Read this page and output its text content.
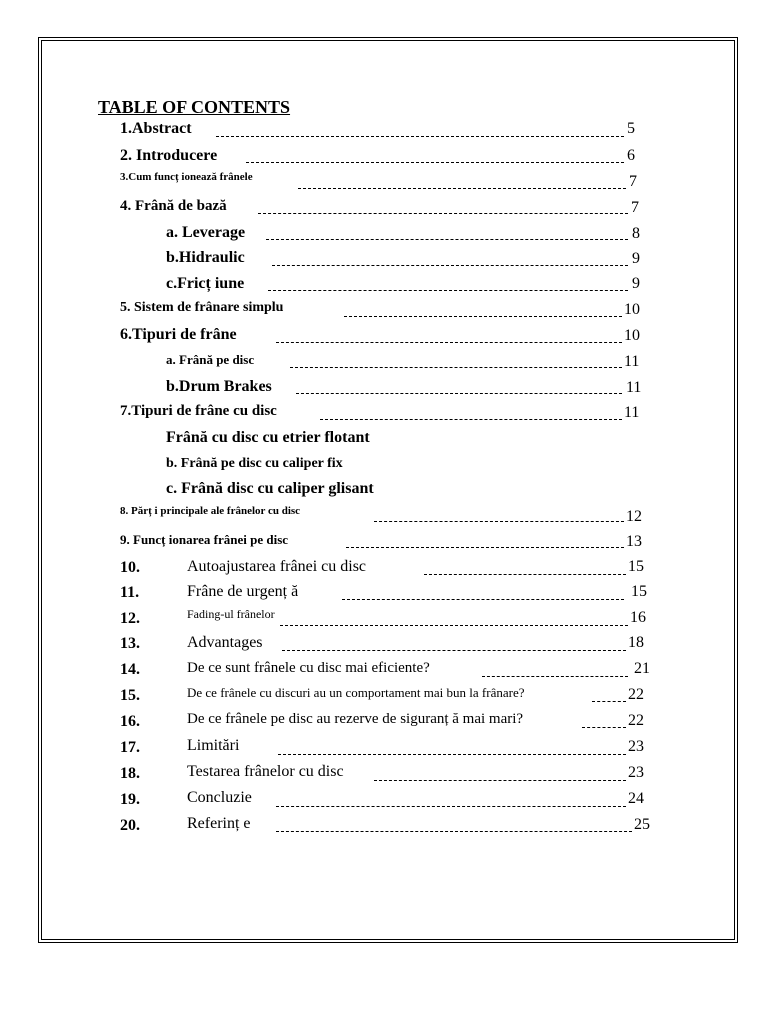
TABLE OF CONTENTS
1.Abstract	5
2. Introducere	6
3.Cum funcț ionează frânele	7
4. Frână de bază	7
a. Leverage	8
b.Hidraulic	9
c.Fricț iune	9
5. Sistem de frânare simplu	10
6.Tipuri de frâne	10
a. Frână pe disc	11
b.Drum Brakes	11
7.Tipuri de frâne cu disc	11
Frână cu disc cu etrier flotant
b. Frână pe disc cu caliper fix
c. Frână disc cu caliper glisant
8. Părț i principale ale frânelor cu disc	12
9. Funcț ionarea frânei pe disc	13
10.	Autoajustarea frânei cu disc	15
11.	Frâne de urgenț ă	15
12.	Fading-ul frânelor	16
13.	Advantages	18
14.	De ce sunt frânele cu disc mai eficiente?	21
15.	De ce frânele cu discuri au un comportament mai bun la frânare?	22
16.	De ce frânele pe disc au rezerve de siguranț ă mai mari?	22
17.	Limitări	23
18.	Testarea frânelor cu disc	23
19.	Concluzie	24
20.	Referinț e	25
